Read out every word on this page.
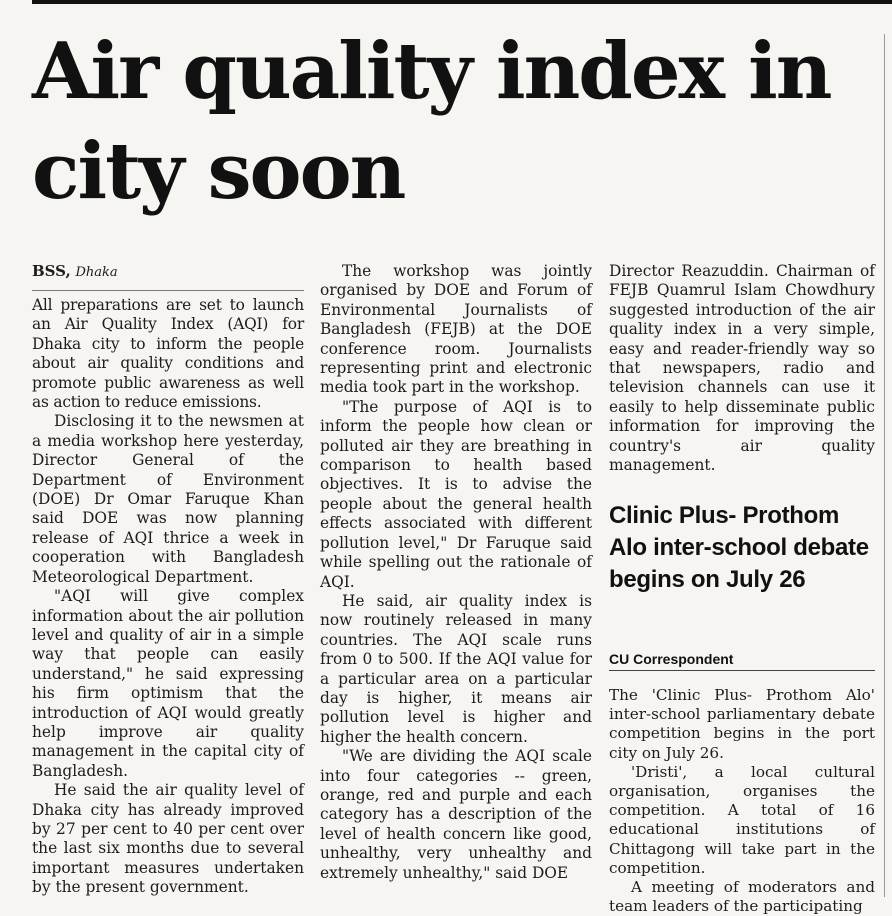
Air quality index in city soon

BSS, Dhaka

All preparations are set to launch an Air Quality Index (AQI) for Dhaka city to inform the people about air quality conditions and promote public awareness as well as action to reduce emissions.

Disclosing it to the newsmen at a media workshop here yesterday, Director General of the Department of Environment (DOE) Dr Omar Faruque Khan said DOE was now planning release of AQI thrice a week in cooperation with Bangladesh Meteorological Department.

"AQI will give complex information about the air pollution level and quality of air in a simple way that people can easily understand," he said expressing his firm optimism that the introduction of AQI would greatly help improve air quality management in the capital city of Bangladesh.

He said the air quality level of Dhaka city has already improved by 27 per cent to 40 per cent over the last six months due to several important measures undertaken by the present government.

The workshop was jointly organised by DOE and Forum of Environmental Journalists of Bangladesh (FEJB) at the DOE conference room. Journalists representing print and electronic media took part in the workshop.

"The purpose of AQI is to inform the people how clean or polluted air they are breathing in comparison to health based objectives. It is to advise the people about the general health effects associated with different pollution level," Dr Faruque said while spelling out the rationale of AQI.

He said, air quality index is now routinely released in many countries. The AQI scale runs from 0 to 500. If the AQI value for a particular area on a particular day is higher, it means air pollution level is higher and higher the health concern.

"We are dividing the AQI scale into four categories -- green, orange, red and purple and each category has a description of the level of health concern like good, unhealthy, very unhealthy and extremely unhealthy," said DOE

Director Reazuddin. Chairman of FEJB Quamrul Islam Chowdhury suggested introduction of the air quality index in a very simple, easy and reader-friendly way so that newspapers, radio and television channels can use it easily to help disseminate public information for improving the country's air quality management.

Clinic Plus- Prothom Alo inter-school debate begins on July 26
CU Correspondent

The 'Clinic Plus- Prothom Alo' inter-school parliamentary debate competition begins in the port city on July 26.

'Dristi', a local cultural organisation, organises the competition. A total of 16 educational institutions of Chittagong will take part in the competition.

A meeting of moderators and team leaders of the participating
